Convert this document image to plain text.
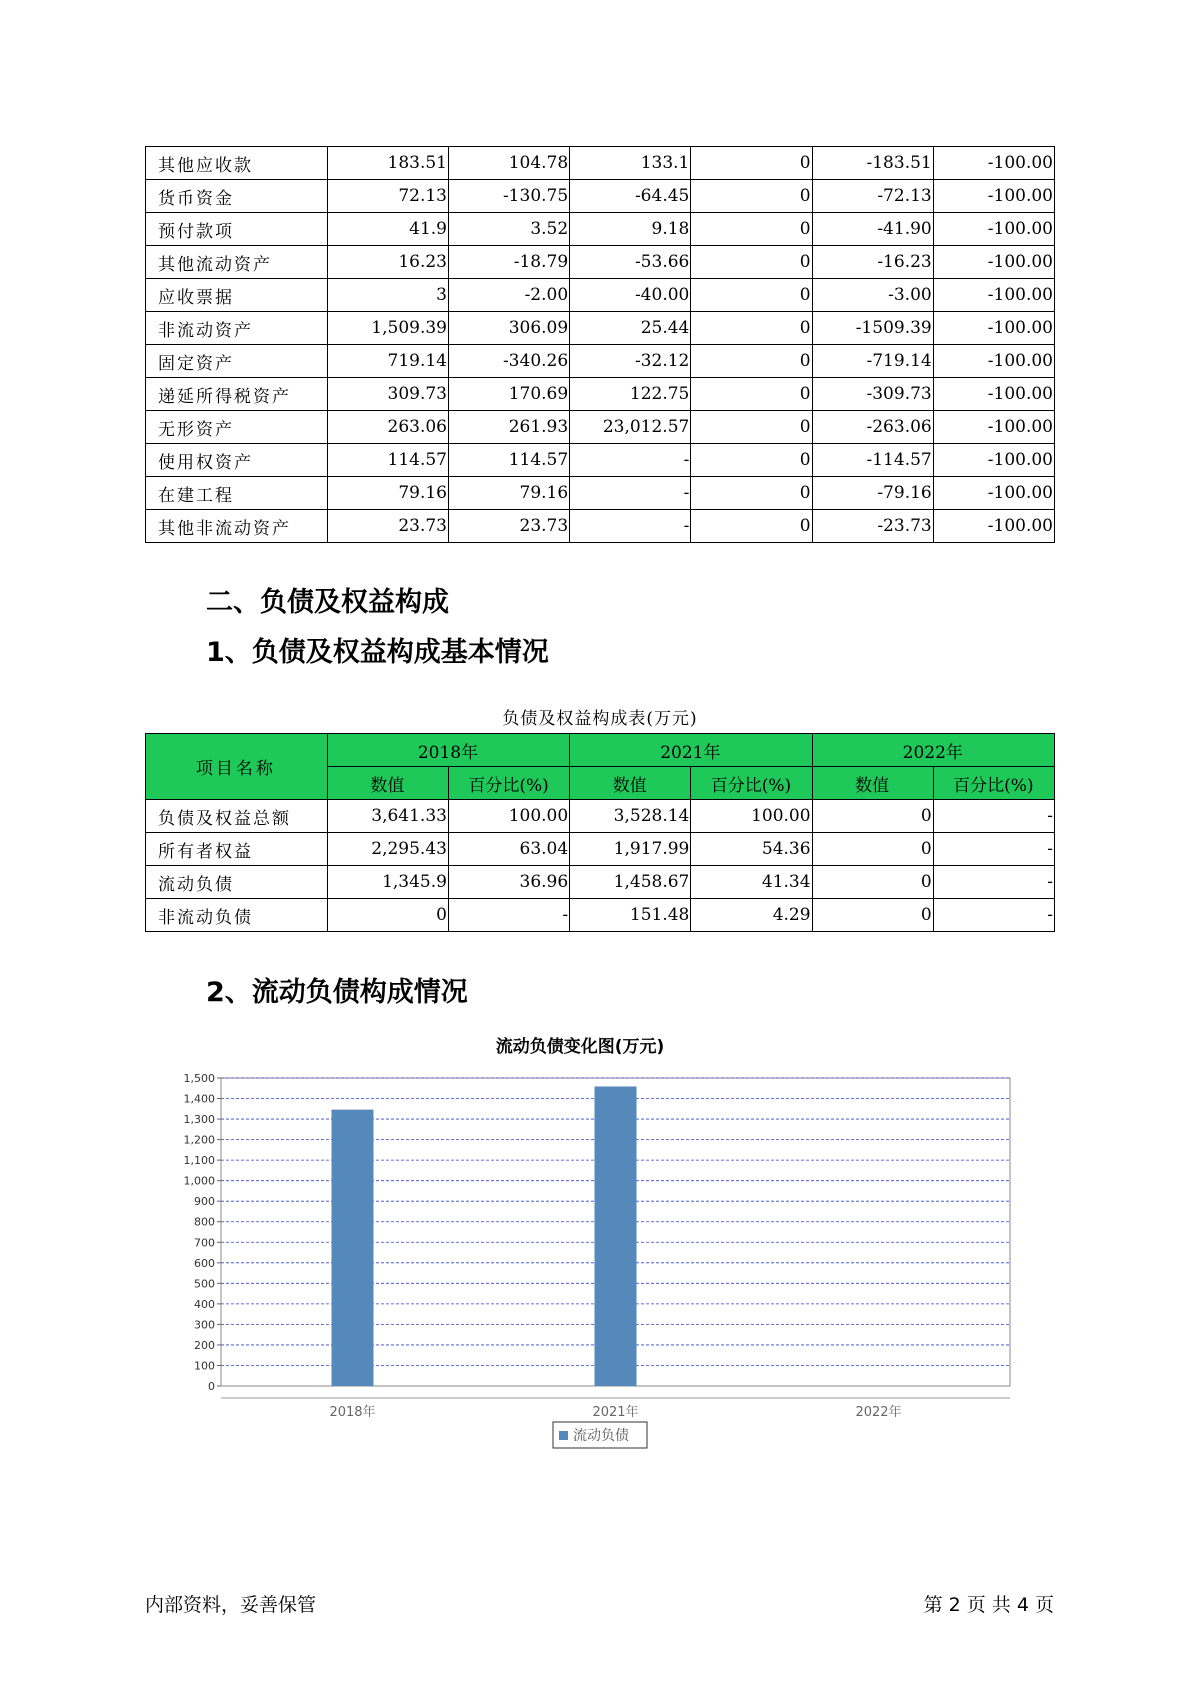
其他应收款	183.51	104.78	133.1	0	-183.51	-100.00
货币资金	72.13	-130.75	-64.45	0	-72.13	-100.00
预付款项	41.9	3.52	9.18	0	-41.90	-100.00
其他流动资产	16.23	-18.79	-53.66	0	-16.23	-100.00
应收票据	3	-2.00	-40.00	0	-3.00	-100.00
非流动资产	1,509.39	306.09	25.44	0	-1509.39	-100.00
固定资产	719.14	-340.26	-32.12	0	-719.14	-100.00
递延所得税资产	309.73	170.69	122.75	0	-309.73	-100.00
无形资产	263.06	261.93	23,012.57	0	-263.06	-100.00
使用权资产	114.57	114.57	-	0	-114.57	-100.00
在建工程	79.16	79.16	-	0	-79.16	-100.00
其他非流动资产	23.73	23.73	-	0	-23.73	-100.00
二、负债及权益构成
1、负债及权益构成基本情况
负债及权益构成表(万元)
项目名称	2018年		2021年		2022年	
	数值	百分比(%)	数值	百分比(%)	数值	百分比(%)
负债及权益总额	3,641.33	100.00	3,528.14	100.00	0	-
所有者权益	2,295.43	63.04	1,917.99	54.36	0	-
流动负债	1,345.9	36.96	1,458.67	41.34	0	-
非流动负债	0	-	151.48	4.29	0	-
2、流动负债构成情况
流动负债变化图(万元)
0
100
200
300
400
500
600
700
800
900
1,000
1,100
1,200
1,300
1,400
1,500
2018年	2021年	2022年
流动负债
内部资料，妥善保管	第 2 页 共 4 页
